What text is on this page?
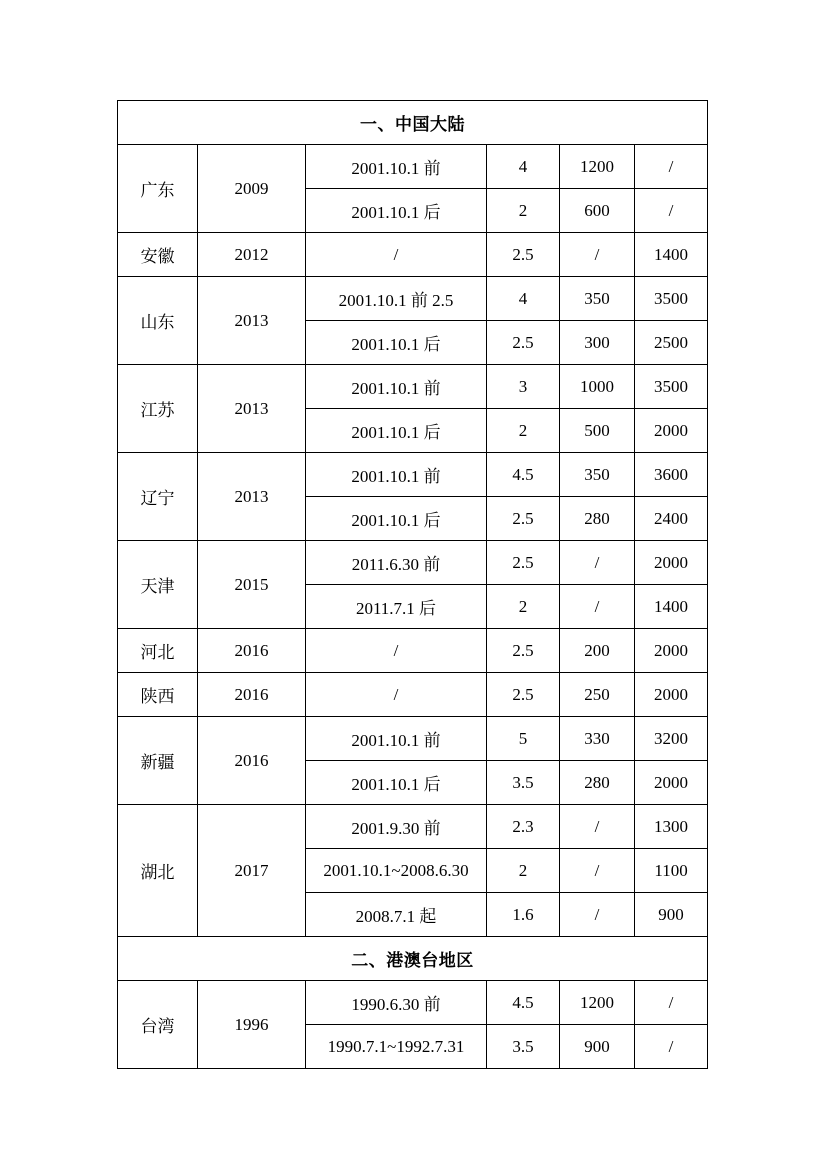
一、中国大陆					
广东	2009	2001.10.1 前	4	1200	/
		2001.10.1 后	2	600	/
安徽	2012	/	2.5	/	1400
山东	2013	2001.10.1 前 2.5	4	350	3500
		2001.10.1 后	2.5	300	2500
江苏	2013	2001.10.1 前	3	1000	3500
		2001.10.1 后	2	500	2000
辽宁	2013	2001.10.1 前	4.5	350	3600
		2001.10.1 后	2.5	280	2400
天津	2015	2011.6.30 前	2.5	/	2000
		2011.7.1 后	2	/	1400
河北	2016	/	2.5	200	2000
陕西	2016	/	2.5	250	2000
新疆	2016	2001.10.1 前	5	330	3200
		2001.10.1 后	3.5	280	2000
湖北	2017	2001.9.30 前	2.3	/	1300
		2001.10.1~2008.6.30	2	/	1100
		2008.7.1 起	1.6	/	900
二、港澳台地区					
台湾	1996	1990.6.30 前	4.5	1200	/
		1990.7.1~1992.7.31	3.5	900	/
